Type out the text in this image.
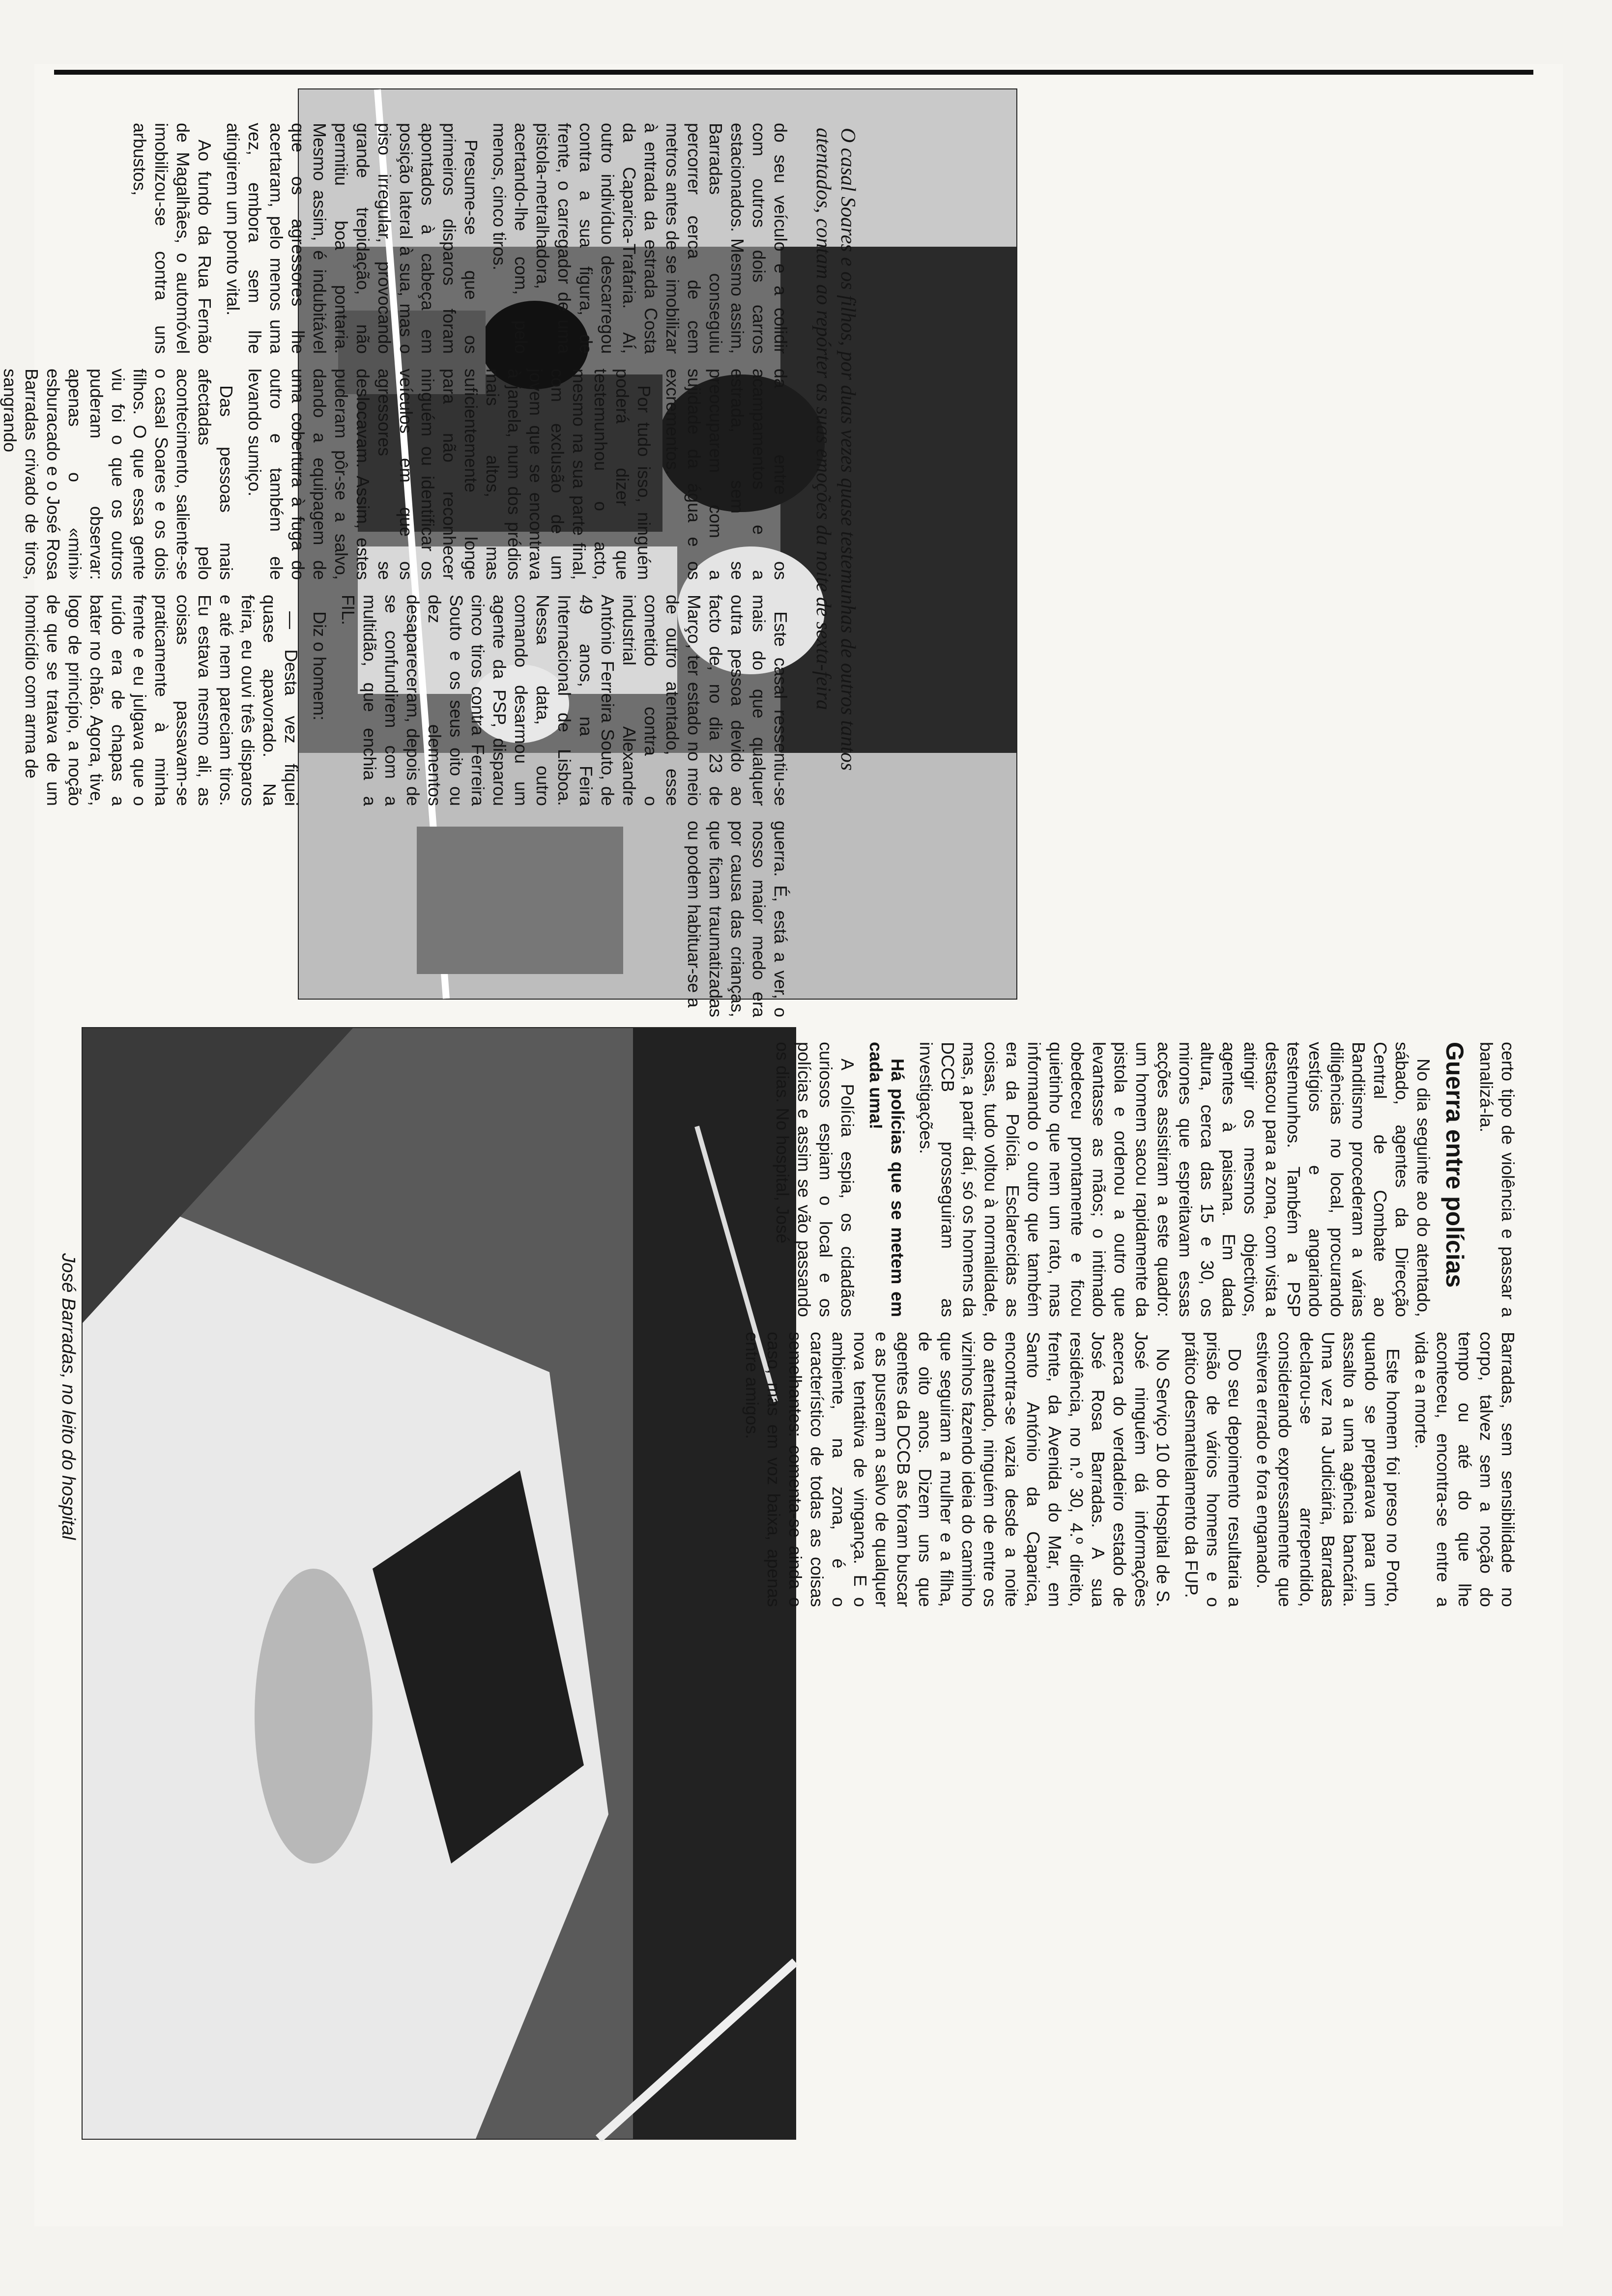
O casal Soares e os filhos, por duas vezes quase testemunhas de outros tantos atentados, contam ao repórter as suas emoções da noite de sexta-feira
José Barradas, no leito do hospital

do seu veículo e a colidir com outros dois carros estacionados. Mesmo assim, Barradas conseguiu percorrer cerca de cem metros antes de se imobilizar à entrada da estrada Costa da Caparica-Trafaria. Aí, outro indivíduo descarregou contra a sua figura, de frente, o carregador de uma pistola-metralhadora, acertando-lhe com, pelo menos, cinco tiros.

Presume-se que os primeiros disparos foram apontados à cabeça em posição lateral à sua, mas o piso irregular, provocando grande trepidação, não permitiu boa pontaria. Mesmo assim, é indubitável que os agressores lhe acertaram, pelo menos uma vez, embora sem lhe atingirem um ponto vital.

Ao fundo da Rua Fernão de Magalhães, o automóvel imobilizou-se contra uns arbustos,

da entre os acampamentos e a estrada, sem se preocuparem com a sujidade da água e os excrementos.

Por tudo isso, ninguém poderá dizer que testemunhou o acto, mesmo na sua parte final, com exclusão de um jovem que se encontrava à janela, num dos prédios mais altos, mas suficientemente longe para não reconhecer ninguém ou identificar os veículos em que os agressores se deslocavam. Assim, estes puderam pôr-se a salvo, dando a equipagem de uma cobertura à fuga do outro e também ele levando sumiço.

Das pessoas mais afectadas pelo acontecimento, saliente-se o casal Soares e os dois filhos. O que essa gente viu foi o que os outros puderam observar: apenas o «mini» esburacado e o José Rosa Barradas crivado de tiros, sangrando

Este casal ressentiu-se mais do que qualquer outra pessoa devido ao facto de, no dia 23 de Março, ter estado no meio de outro atentado, esse cometido contra o industrial Alexandre António Ferreira Souto, de 49 anos, na Feira Internacional de Lisboa. Nessa data, outro comando desarmou um agente da PSP, disparou cinco tiros contra Ferreira Souto e os seus oito ou dez elementos desapareceram, depois de se confundirem com a multidão, que enchia a FIL.

Diz o homem:

— Desta vez fiquei quase apavorado. Na feira, eu ouvi três disparos e até nem pareciam tiros. Eu estava mesmo ali, as coisas passavam-se praticamente à minha frente e eu julgava que o ruído era de chapas a bater no chão. Agora, tive, logo de princípio, a noção de que se tratava de um homicídio com arma de

guerra. É, está a ver, o nosso maior medo era por causa das crianças, que ficam traumatizadas ou podem habituar-se a

certo tipo de violência e passar a banalizá-la.

Guerra entre polícias

No dia seguinte ao do atentado, sábado, agentes da Direcção Central de Combate ao Banditismo procederam a várias diligências no local, procurando vestígios e angariando testemunhos. Também a PSP destacou para a zona, com vista a atingir os mesmos objectivos, agentes à paisana. Em dada altura, cerca das 15 e 30, os mirones que espreitavam essas acções assistiram a este quadro: um homem sacou rapidamente da pistola e ordenou a outro que levantasse as mãos; o intimado obedeceu prontamente e ficou quietinho que nem um rato, mas informando o outro que também era da Polícia. Esclarecidas as coisas, tudo voltou à normalidade, mas, a partir daí, só os homens da DCCB prosseguiram as investigações.

Há polícias que se metem em cada uma!

A Polícia espia, os cidadãos curiosos espiam o local e os polícias e assim se vão passando os dias. No hospital, José

Barradas, sem sensibilidade no corpo, talvez sem a noção do tempo ou até do que lhe aconteceu, encontra-se entre a vida e a morte.

Este homem foi preso no Porto, quando se preparava para um assalto a uma agência bancária. Uma vez na Judiciária, Barradas declarou-se arrependido, considerando expressamente que estivera errado e fora enganado.

Do seu depoimento resultaria a prisão de vários homens e o prático desmantelamento da FUP.

No Serviço 10 do Hospital de S. José ninguém dá informações acerca do verdadeiro estado de José Rosa Barradas. A sua residência, no n.º 30, 4.º direito, frente, da Avenida do Mar, em Santo António da Caparica, encontra-se vazia desde a noite do atentado, ninguém de entre os vizinhos fazendo ideia do caminho que seguiram a mulher e a filha, de oito anos. Dizem uns que agentes da DCCB as foram buscar e as puseram a salvo de qualquer nova tentativa de vingança. E o ambiente, na zona, é o característico de todas as coisas semelhantes: comenta-se ainda o caso, mas em voz baixa, apenas entre amigos.
